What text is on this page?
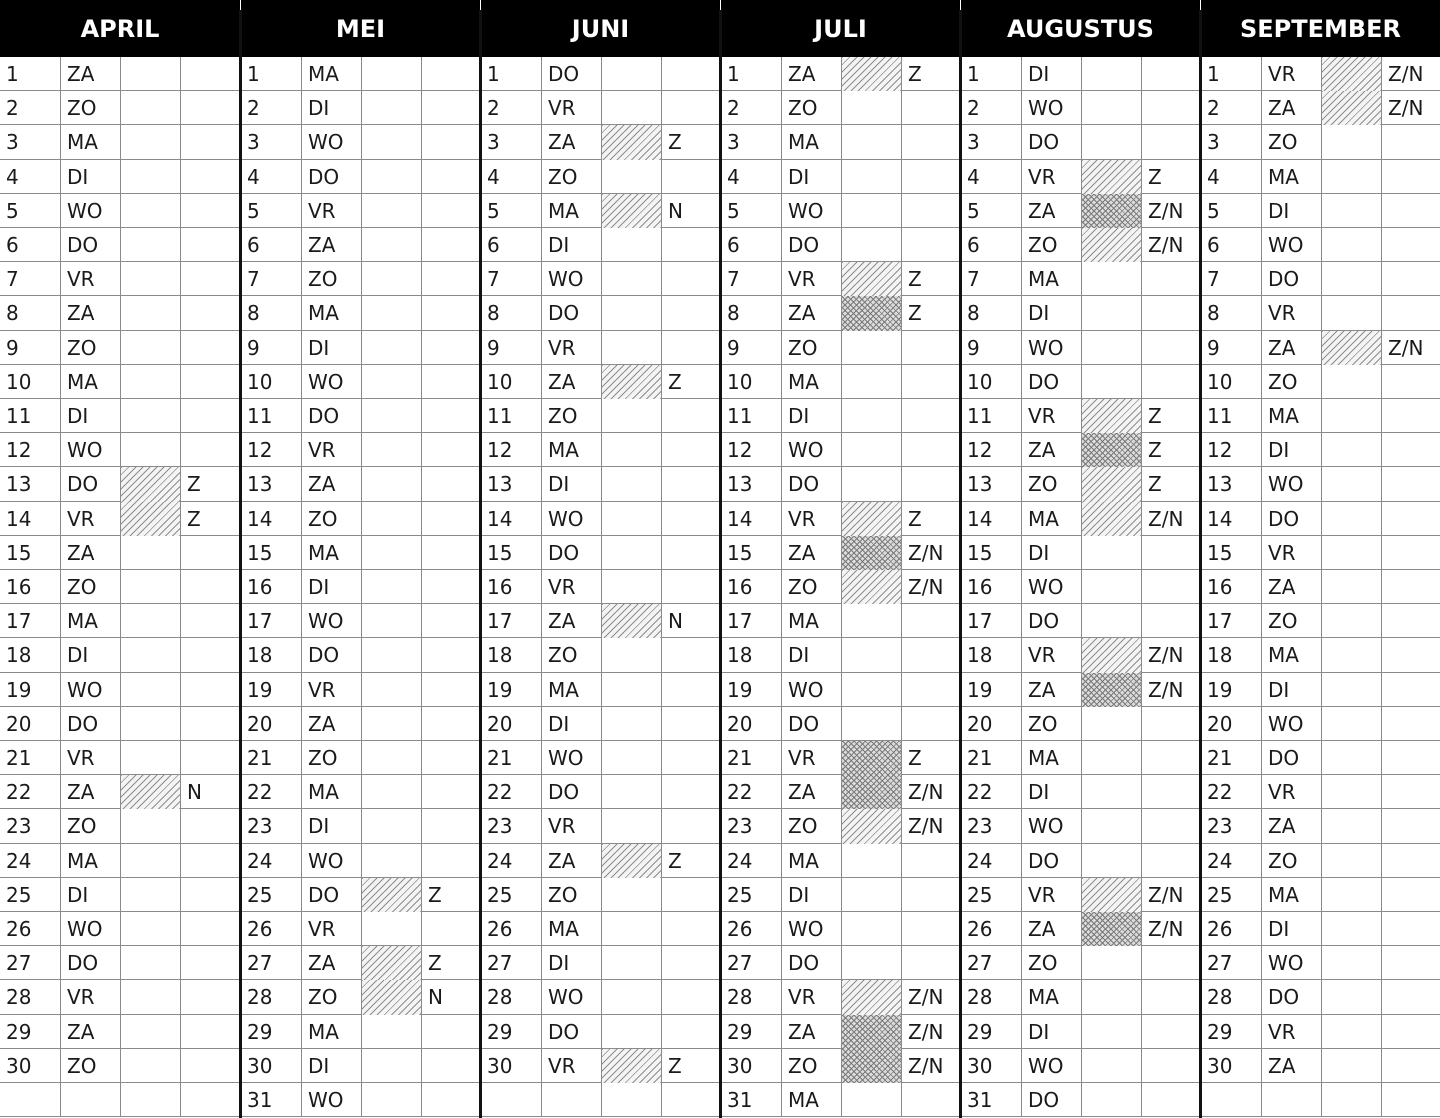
APRIL
1	ZA
2	ZO
3	MA
4	DI
5	WO
6	DO
7	VR
8	ZA
9	ZO
10	MA
11	DI
12	WO
13	DO	Z
14	VR	Z
15	ZA
16	ZO
17	MA
18	DI
19	WO
20	DO
21	VR
22	ZA	N
23	ZO
24	MA
25	DI
26	WO
27	DO
28	VR
29	ZA
30	ZO
MEI
1	MA
2	DI
3	WO
4	DO
5	VR
6	ZA
7	ZO
8	MA
9	DI
10	WO
11	DO
12	VR
13	ZA
14	ZO
15	MA
16	DI
17	WO
18	DO
19	VR
20	ZA
21	ZO
22	MA
23	DI
24	WO
25	DO	Z
26	VR
27	ZA	Z
28	ZO	N
29	MA
30	DI
31	WO
JUNI
1	DO
2	VR
3	ZA	Z
4	ZO
5	MA	N
6	DI
7	WO
8	DO
9	VR
10	ZA	Z
11	ZO
12	MA
13	DI
14	WO
15	DO
16	VR
17	ZA	N
18	ZO
19	MA
20	DI
21	WO
22	DO
23	VR
24	ZA	Z
25	ZO
26	MA
27	DI
28	WO
29	DO
30	VR	Z
JULI
1	ZA	Z
2	ZO
3	MA
4	DI
5	WO
6	DO
7	VR	Z
8	ZA	Z
9	ZO
10	MA
11	DI
12	WO
13	DO
14	VR	Z
15	ZA	Z/N
16	ZO	Z/N
17	MA
18	DI
19	WO
20	DO
21	VR	Z
22	ZA	Z/N
23	ZO	Z/N
24	MA
25	DI
26	WO
27	DO
28	VR	Z/N
29	ZA	Z/N
30	ZO	Z/N
31	MA
AUGUSTUS
1	DI
2	WO
3	DO
4	VR	Z
5	ZA	Z/N
6	ZO	Z/N
7	MA
8	DI
9	WO
10	DO
11	VR	Z
12	ZA	Z
13	ZO	Z
14	MA	Z/N
15	DI
16	WO
17	DO
18	VR	Z/N
19	ZA	Z/N
20	ZO
21	MA
22	DI
23	WO
24	DO
25	VR	Z/N
26	ZA	Z/N
27	ZO
28	MA
29	DI
30	WO
31	DO
SEPTEMBER
1	VR	Z/N
2	ZA	Z/N
3	ZO
4	MA
5	DI
6	WO
7	DO
8	VR
9	ZA	Z/N
10	ZO
11	MA
12	DI
13	WO
14	DO
15	VR
16	ZA
17	ZO
18	MA
19	DI
20	WO
21	DO
22	VR
23	ZA
24	ZO
25	MA
26	DI
27	WO
28	DO
29	VR
30	ZA
